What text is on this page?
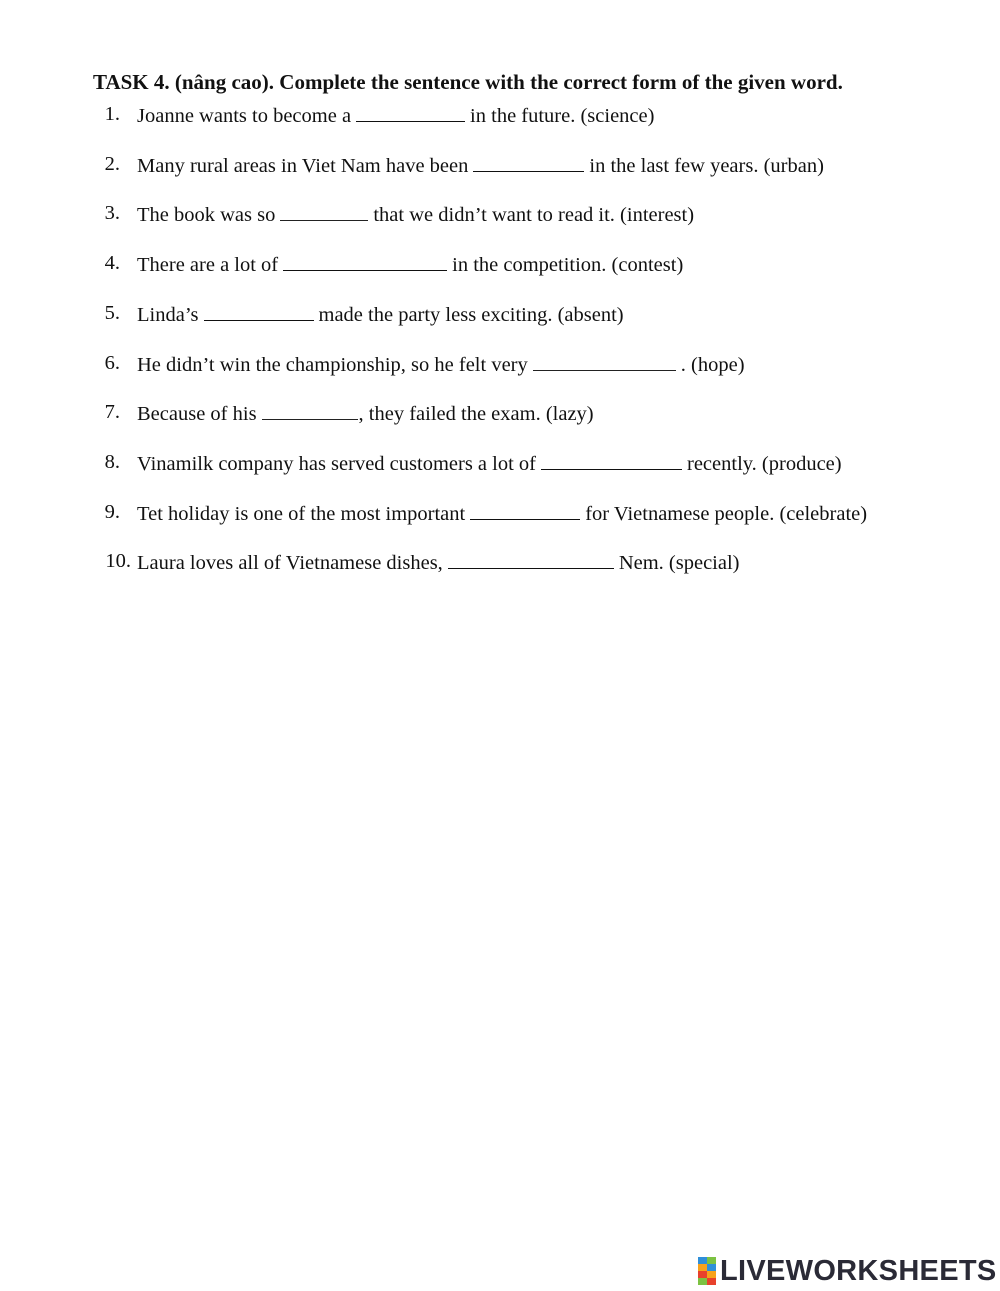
TASK 4. (nâng cao). Complete the sentence with the correct form of the given word.
1. Joanne wants to become a	in the future. (science)
2. Many rural areas in Viet Nam have been	in the last few years. (urban)
3. The book was so	that we didn’t want to read it. (interest)
4. There are a lot of	in the competition. (contest)
5. Linda’s	made the party less exciting. (absent)
6. He didn’t win the championship, so he felt very	. (hope)
7. Because of his	, they failed the exam. (lazy)
8. Vinamilk company has served customers a lot of	recently. (produce)
9. Tet holiday is one of the most important	for Vietnamese people. (celebrate)
10. Laura loves all of Vietnamese dishes,	Nem. (special)
LIVEWORKSHEETS
